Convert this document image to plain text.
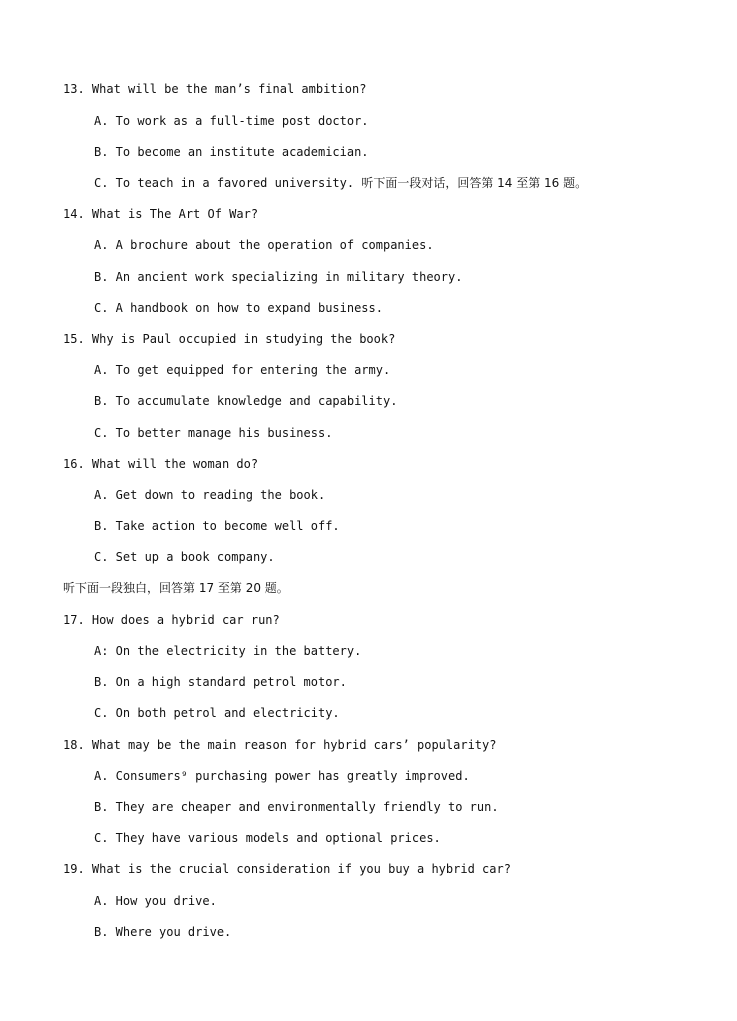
13. What will be the man’s final ambition?
A. To work as a full-time post doctor.
B. To become an institute academician.
C. To teach in a favored university. 听下面一段对话，回答第 14 至第 16 题。
14. What is The Art Of War?
A. A brochure about the operation of companies.
B. An ancient work specializing in military theory.
C. A handbook on how to expand business.
15. Why is Paul occupied in studying the book?
A. To get equipped for entering the army.
B. To accumulate knowledge and capability.
C. To better manage his business.
16. What will the woman do?
A. Get down to reading the book.
B. Take action to become well off.
C. Set up a book company.
听下面一段独白，回答第 17 至第 20 题。
17. How does a hybrid car run?
A: On the electricity in the battery.
B. On a high standard petrol motor.
C. On both petrol and electricity.
18. What may be the main reason for hybrid cars’ popularity?
A. Consumers⁹ purchasing power has greatly improved.
B. They are cheaper and environmentally friendly to run.
C. They have various models and optional prices.
19. What is the crucial consideration if you buy a hybrid car?
A. How you drive.
B. Where you drive.
